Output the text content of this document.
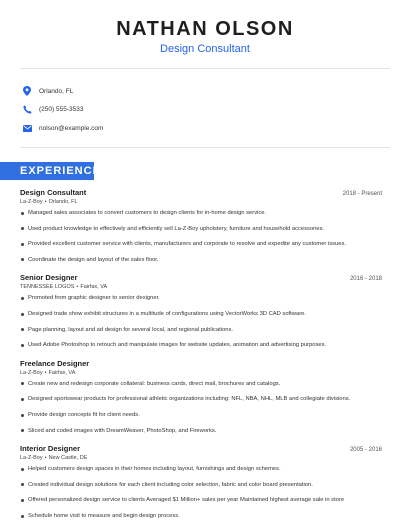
NATHAN OLSON
Design Consultant
Orlando, FL
(250) 555-3533
nolson@example.com
EXPERIENCE
Design Consultant	2018 - Present
La-Z-Boy • Orlando, FL
Managed sales associates to convert customers to design clients for in-home design service.
Used product knowledge to effectively and efficiently sell La-Z-Boy upholstery, furniture and household accessories.
Provided excellent customer service with clients, manufacturers and corporate to resolve and expedite any customer issues.
Coordinate the design and layout of the sales floor.
Senior Designer	2016 - 2018
TENNESSEE LOGOS • Fairfax, VA
Promoted from graphic designer to senior designer.
Designed trade show exhibit structures in a multitude of configurations using VectorWorks 3D CAD software.
Page planning, layout and ad design for several local, and regional publications.
Used Adobe Photoshop to retouch and manipulate images for website updates, animation and advertising purposes.
Freelance Designer
La-Z-Boy • Fairfax, VA
Create new and redesign corporate collateral: business cards, direct mail, brochures and catalogs.
Designed sportswear products for professional athletic organizations including: NFL, NBA, NHL, MLB and collegiate divisions.
Provide design concepts fit for client needs.
Sliced and coded images with DreamWeaver, PhotoShop, and Fireworks.
Interior Designer	2005 - 2016
La-Z-Boy • New Castle, DE
Helped customers design spaces in their homes including layout, furnishings and design schemes.
Created individual design solutions for each client including color selection, fabric and color board presentation.
Offered personalized design service to clients Averaged $1 Million+ sales per year Maintained highest average sale in store
Schedule home visit to measure and begin design process.
